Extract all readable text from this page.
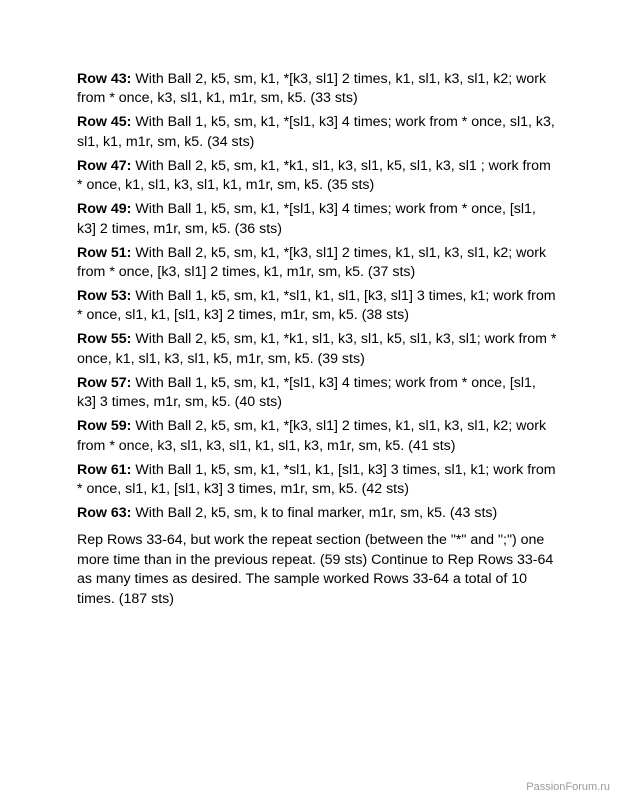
Row 43: With Ball 2, k5, sm, k1, *[k3, sl1] 2 times, k1, sl1, k3, sl1, k2; work from * once, k3, sl1, k1, m1r, sm, k5. (33 sts)
Row 45: With Ball 1, k5, sm, k1, *[sl1, k3] 4 times; work from * once, sl1, k3, sl1, k1, m1r, sm, k5. (34 sts)
Row 47: With Ball 2, k5, sm, k1, *k1, sl1, k3, sl1, k5, sl1, k3, sl1 ; work from * once, k1, sl1, k3, sl1, k1, m1r, sm, k5. (35 sts)
Row 49: With Ball 1, k5, sm, k1, *[sl1, k3] 4 times; work from * once, [sl1, k3] 2 times, m1r, sm, k5. (36 sts)
Row 51: With Ball 2, k5, sm, k1, *[k3, sl1] 2 times, k1, sl1, k3, sl1, k2; work from * once, [k3, sl1] 2 times, k1, m1r, sm, k5. (37 sts)
Row 53: With Ball 1, k5, sm, k1, *sl1, k1, sl1, [k3, sl1] 3 times, k1; work from * once, sl1, k1, [sl1, k3] 2 times, m1r, sm, k5. (38 sts)
Row 55: With Ball 2, k5, sm, k1, *k1, sl1, k3, sl1, k5, sl1, k3, sl1; work from * once, k1, sl1, k3, sl1, k5, m1r, sm, k5. (39 sts)
Row 57: With Ball 1, k5, sm, k1, *[sl1, k3] 4 times; work from * once, [sl1, k3] 3 times, m1r, sm, k5. (40 sts)
Row 59: With Ball 2, k5, sm, k1, *[k3, sl1] 2 times, k1, sl1, k3, sl1, k2; work from * once, k3, sl1, k3, sl1, k1, sl1, k3, m1r, sm, k5. (41 sts)
Row 61: With Ball 1, k5, sm, k1, *sl1, k1, [sl1, k3] 3 times, sl1, k1; work from * once, sl1, k1, [sl1, k3] 3 times, m1r, sm, k5. (42 sts)
Row 63: With Ball 2, k5, sm, k to final marker, m1r, sm, k5. (43 sts)
Rep Rows 33-64, but work the repeat section (between the "*" and ";") one more time than in the previous repeat. (59 sts) Continue to Rep Rows 33-64 as many times as desired. The sample worked Rows 33-64 a total of 10 times. (187 sts)
PassionForum.ru
